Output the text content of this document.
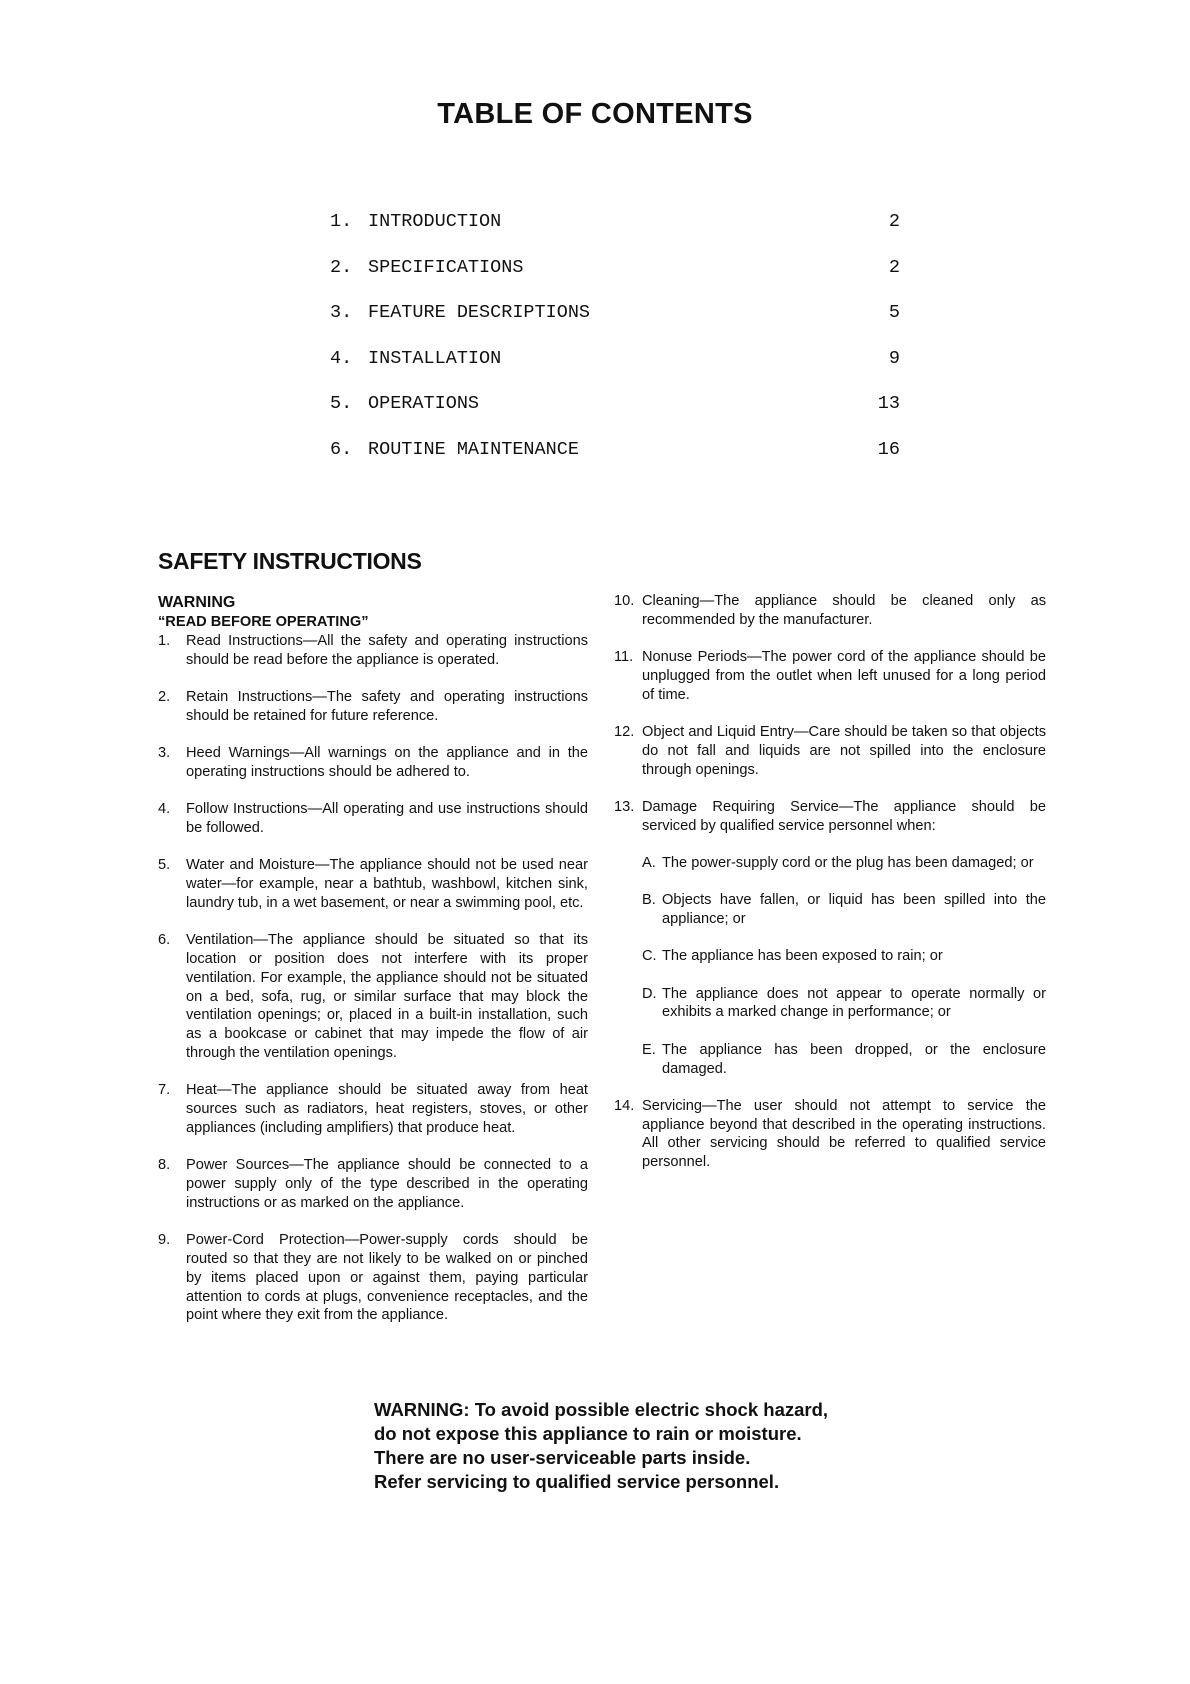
TABLE OF CONTENTS
1. INTRODUCTION	2
2. SPECIFICATIONS	2
3. FEATURE DESCRIPTIONS	5
4. INSTALLATION	9
5. OPERATIONS	13
6. ROUTINE MAINTENANCE	16
SAFETY INSTRUCTIONS
WARNING
“READ BEFORE OPERATING”
1.	Read Instructions—All the safety and operating instructions should be read before the appliance is operated.
2.	Retain Instructions—The safety and operating instructions should be retained for future reference.
3.	Heed Warnings—All warnings on the appliance and in the operating instructions should be adhered to.
4.	Follow Instructions—All operating and use instructions should be followed.
5.	Water and Moisture—The appliance should not be used near water—for example, near a bathtub, washbowl, kitchen sink, laundry tub, in a wet basement, or near a swimming pool, etc.
6.	Ventilation—The appliance should be situated so that its location or position does not interfere with its proper ventilation. For example, the appliance should not be situated on a bed, sofa, rug, or similar surface that may block the ventilation openings; or, placed in a built-in installation, such as a bookcase or cabinet that may impede the flow of air through the ventilation openings.
7.	Heat—The appliance should be situated away from heat sources such as radiators, heat registers, stoves, or other appliances (including amplifiers) that produce heat.
8.	Power Sources—The appliance should be connected to a power supply only of the type described in the operating instructions or as marked on the appliance.
9.	Power-Cord Protection—Power-supply cords should be routed so that they are not likely to be walked on or pinched by items placed upon or against them, paying particular attention to cords at plugs, convenience receptacles, and the point where they exit from the appliance.
10. Cleaning—The appliance should be cleaned only as recommended by the manufacturer.
11. Nonuse Periods—The power cord of the appliance should be unplugged from the outlet when left unused for a long period of time.
12. Object and Liquid Entry—Care should be taken so that objects do not fall and liquids are not spilled into the enclosure through openings.
13. Damage Requiring Service—The appliance should be serviced by qualified service personnel when:
A. The power-supply cord or the plug has been damaged; or
B. Objects have fallen, or liquid has been spilled into the appliance; or
C. The appliance has been exposed to rain; or
D. The appliance does not appear to operate normally or exhibits a marked change in performance; or
E. The appliance has been dropped, or the enclosure damaged.
14. Servicing—The user should not attempt to service the appliance beyond that described in the operating instructions. All other servicing should be referred to qualified service personnel.
WARNING: To avoid possible electric shock hazard,
do not expose this appliance to rain or moisture.
There are no user-serviceable parts inside.
Refer servicing to qualified service personnel.
